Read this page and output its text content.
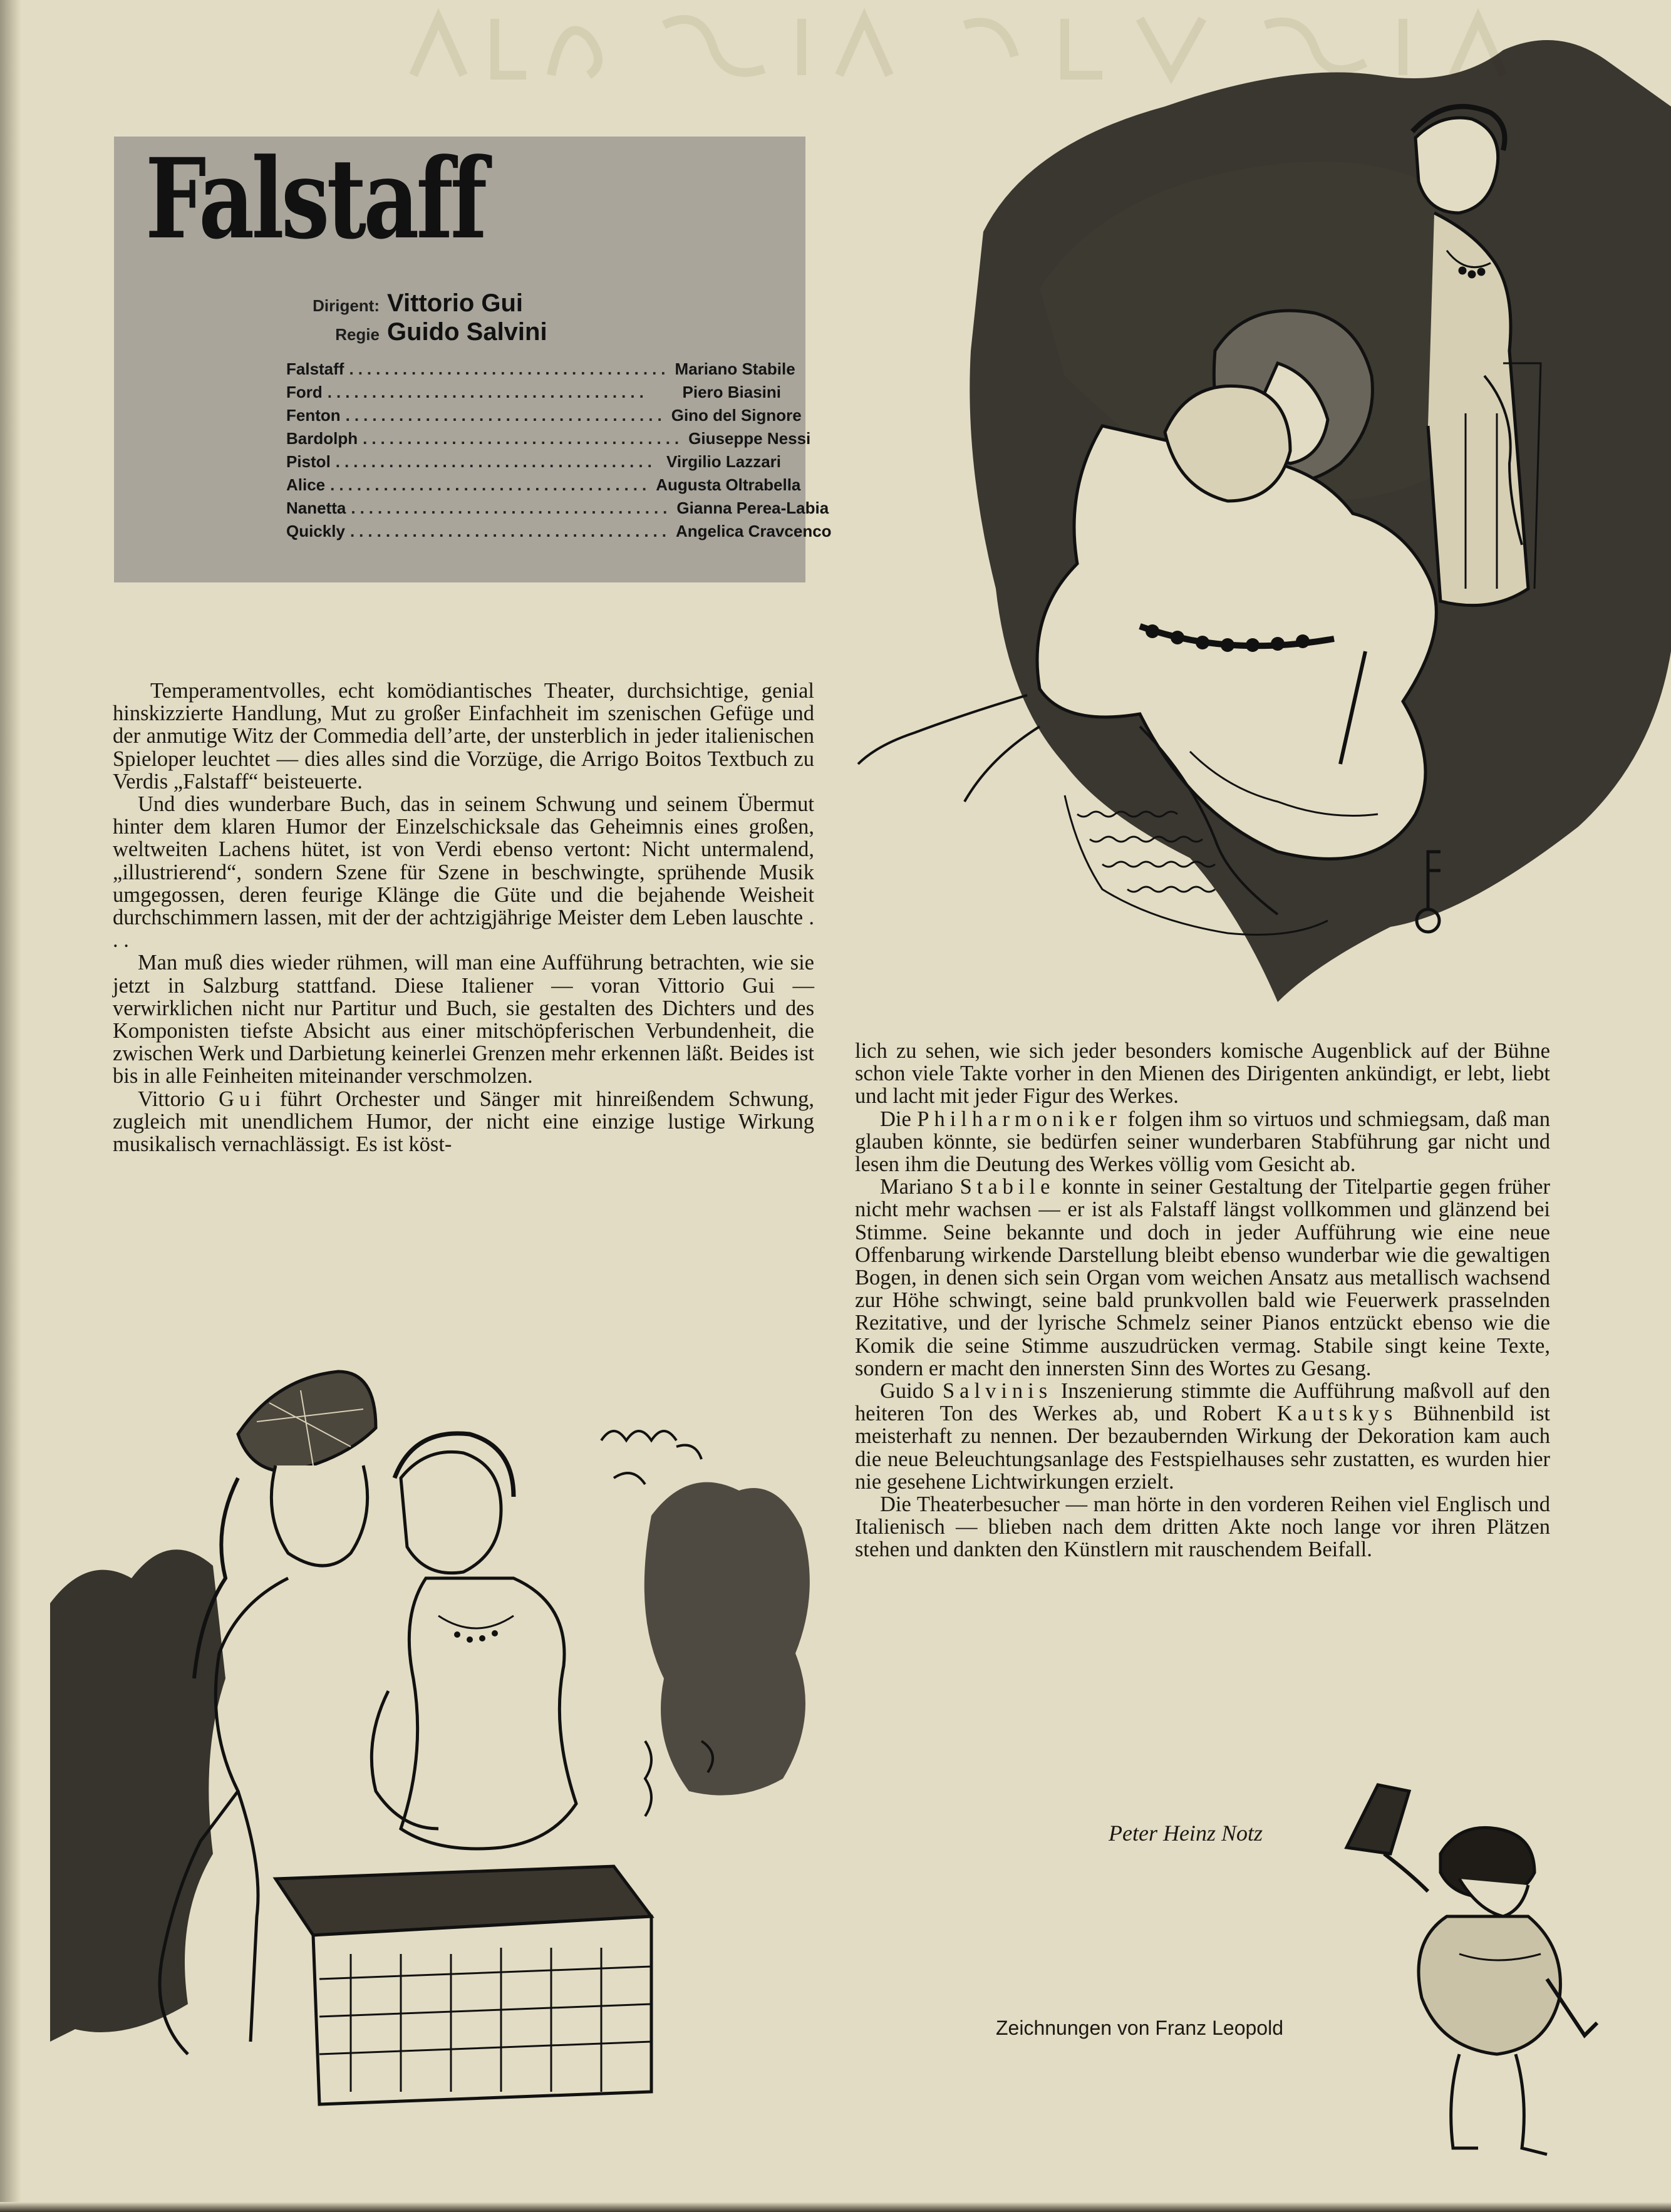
Falstaff
Dirigent: Vittorio Gui
Regie Guido Salvini
Falstaff .................................... Mariano Stabile
Ford ....................................	Piero Biasini
Fenton .................................... Gino del Signore
Bardolph .................................... Giuseppe Nessi
Pistol .................................... Virgilio Lazzari
Alice .................................... Augusta Oltrabella
Nanetta .................................... Gianna Perea-Labia
Quickly .................................... Angelica Cravcenco

Temperamentvolles, echt komödiantisches Theater, durchsichtige, genial hinskizzierte Handlung, Mut zu großer Einfachheit im szenischen Gefüge und der anmutige Witz der Commedia dell’arte, der unsterblich in jeder italienischen Spieloper leuchtet — dies alles sind die Vorzüge, die Arrigo Boitos Textbuch zu Verdis „Falstaff“ beisteuerte.

Und dies wunderbare Buch, das in seinem Schwung und seinem Übermut hinter dem klaren Humor der Einzelschicksale das Geheimnis eines großen, weltweiten Lachens hütet, ist von Verdi ebenso vertont: Nicht untermalend, „illustrierend“, sondern Szene für Szene in beschwingte, sprühende Musik umgegossen, deren feurige Klänge die Güte und die bejahende Weisheit durchschimmern lassen, mit der der achtzigjährige Meister dem Leben lauschte . . .

Man muß dies wieder rühmen, will man eine Aufführung betrachten, wie sie jetzt in Salzburg stattfand. Diese Italiener — voran Vittorio Gui — verwirklichen nicht nur Partitur und Buch, sie gestalten des Dichters und des Komponisten tiefste Absicht aus einer mitschöpferischen Verbundenheit, die zwischen Werk und Darbietung keinerlei Grenzen mehr erkennen läßt. Beides ist bis in alle Feinheiten miteinander verschmolzen.

Vittorio Gui führt Orchester und Sänger mit hinreißendem Schwung, zugleich mit unendlichem Humor, der nicht eine einzige lustige Wirkung musikalisch vernachlässigt. Es ist köst-

lich zu sehen, wie sich jeder besonders komische Augenblick auf der Bühne schon viele Takte vorher in den Mienen des Dirigenten ankündigt, er lebt, liebt und lacht mit jeder Figur des Werkes.

Die Philharmoniker folgen ihm so virtuos und schmiegsam, daß man glauben könnte, sie bedürfen seiner wunderbaren Stabführung gar nicht und lesen ihm die Deutung des Werkes völlig vom Gesicht ab.

Mariano Stabile konnte in seiner Gestaltung der Titelpartie gegen früher nicht mehr wachsen — er ist als Falstaff längst vollkommen und glänzend bei Stimme. Seine bekannte und doch in jeder Aufführung wie eine neue Offenbarung wirkende Darstellung bleibt ebenso wunderbar wie die gewaltigen Bogen, in denen sich sein Organ vom weichen Ansatz aus metallisch wachsend zur Höhe schwingt, seine bald prunkvollen bald wie Feuerwerk prasselnden Rezitative, und der lyrische Schmelz seiner Pianos entzückt ebenso wie die Komik die seine Stimme auszudrücken vermag. Stabile singt keine Texte, sondern er macht den innersten Sinn des Wortes zu Gesang.

Guido Salvinis Inszenierung stimmte die Aufführung maßvoll auf den heiteren Ton des Werkes ab, und Robert Kautskys Bühnenbild ist meisterhaft zu nennen. Der bezaubernden Wirkung der Dekoration kam auch die neue Beleuchtungsanlage des Festspielhauses sehr zustatten, es wurden hier nie gesehene Lichtwirkungen erzielt.

Die Theaterbesucher — man hörte in den vorderen Reihen viel Englisch und Italienisch — blieben nach dem dritten Akte noch lange vor ihren Plätzen stehen und dankten den Künstlern mit rauschendem Beifall.

Peter Heinz Notz
Zeichnungen von Franz Leopold
